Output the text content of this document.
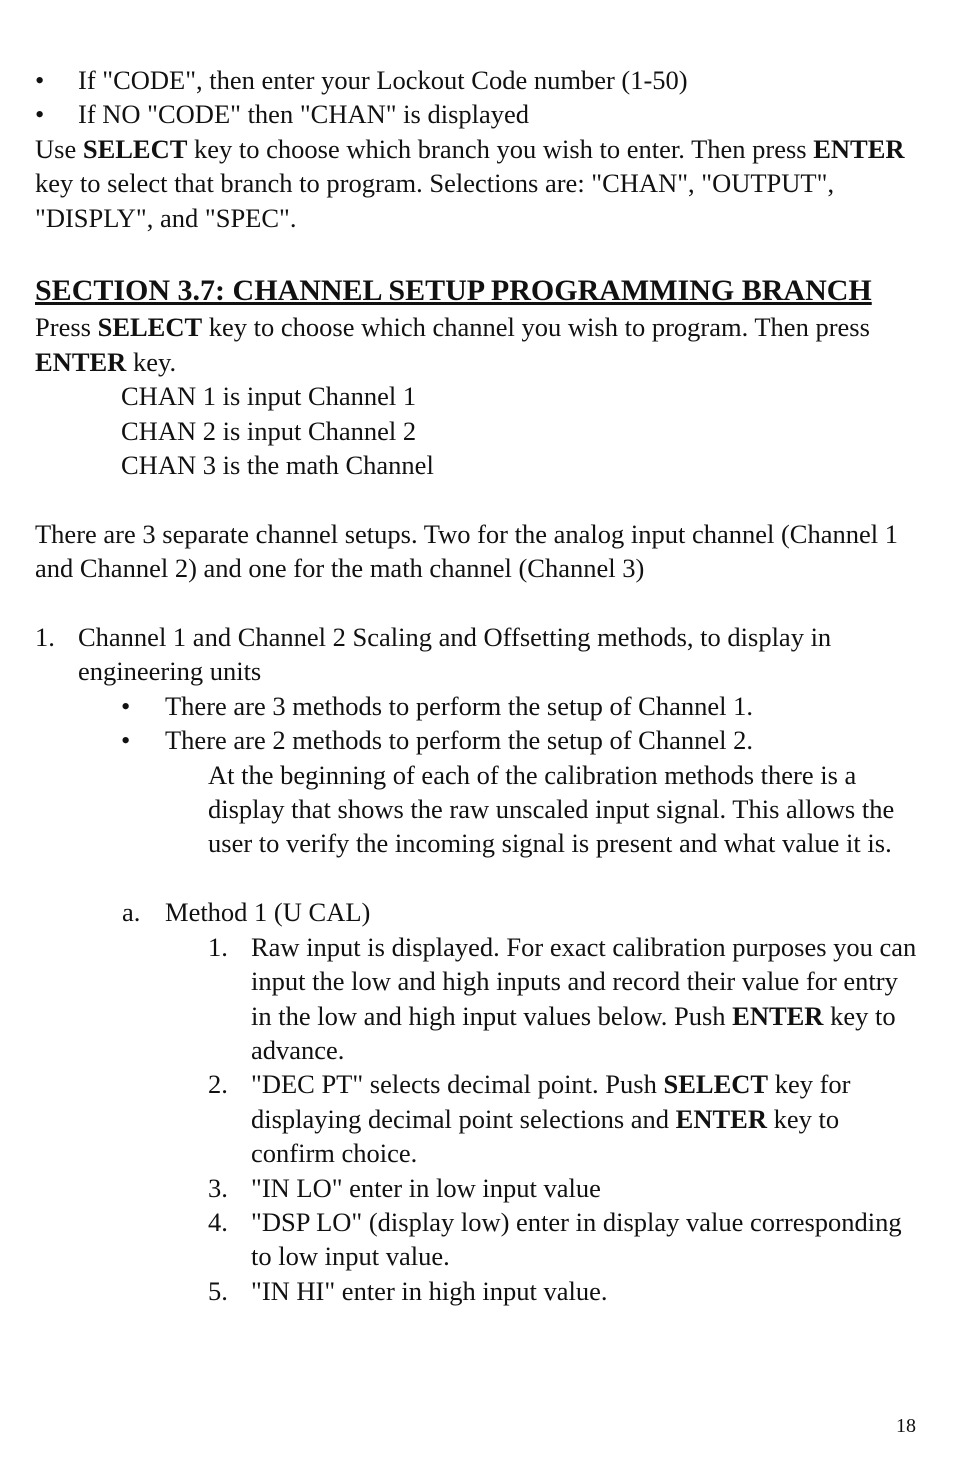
• If "CODE", then enter your Lockout Code number (1-50)
• If NO "CODE" then "CHAN" is displayed
Use SELECT key to choose which branch you wish to enter. Then press ENTER key to select that branch to program. Selections are: "CHAN", "OUTPUT", "DISPLY", and "SPEC".
SECTION 3.7: CHANNEL SETUP PROGRAMMING BRANCH
Press SELECT key to choose which channel you wish to program. Then press ENTER key.
CHAN 1 is input Channel 1
CHAN 2 is input Channel 2
CHAN 3 is the math Channel
There are 3 separate channel setups. Two for the analog input channel (Channel 1 and Channel 2) and one for the math channel (Channel 3)
1. Channel 1 and Channel 2 Scaling and Offsetting methods, to display in engineering units
• There are 3 methods to perform the setup of Channel 1.
• There are 2 methods to perform the setup of Channel 2.
At the beginning of each of the calibration methods there is a display that shows the raw unscaled input signal. This allows the user to verify the incoming signal is present and what value it is.
a. Method 1 (U CAL)
1. Raw input is displayed. For exact calibration purposes you can input the low and high inputs and record their value for entry in the low and high input values below. Push ENTER key to advance.
2. "DEC PT" selects decimal point. Push SELECT key for displaying decimal point selections and ENTER key to confirm choice.
3. "IN LO" enter in low input value
4. "DSP LO" (display low) enter in display value corresponding to low input value.
5. "IN HI" enter in high input value.
18
